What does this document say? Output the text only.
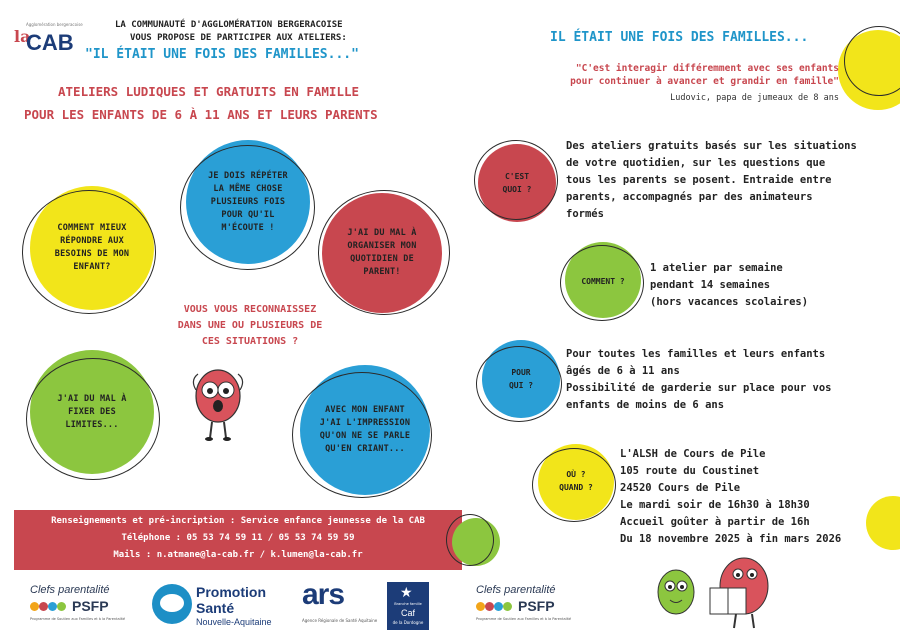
Agglomération bergeracoise
la
CAB
LA COMMUNAUTÉ D'AGGLOMÉRATION BERGERACOISE
VOUS PROPOSE DE PARTICIPER AUX ATELIERS:
"IL ÉTAIT UNE FOIS DES FAMILLES..."
ATELIERS LUDIQUES ET GRATUITS EN FAMILLE
POUR LES ENFANTS DE 6 À 11 ANS ET LEURS PARENTS
COMMENT MIEUX
RÉPONDRE AUX
BESOINS DE MON
ENFANT?
JE DOIS RÉPÉTER
LA MÊME CHOSE
PLUSIEURS FOIS
POUR QU'IL
M'ÉCOUTE !
J'AI DU MAL À
ORGANISER MON
QUOTIDIEN DE
PARENT!
VOUS VOUS RECONNAISSEZ
DANS UNE OU PLUSIEURS DE
CES SITUATIONS ?
J'AI DU MAL À
FIXER DES
LIMITES...
AVEC MON ENFANT
J'AI L'IMPRESSION
QU'ON NE SE PARLE
QU'EN CRIANT...
Renseignements et pré-incription : Service enfance jeunesse de la CAB
Téléphone : 05 53 74 59 11 / 05 53 74 59 59
Mails : n.atmane@la-cab.fr / k.lumen@la-cab.fr
Clefs parentalité
PSFP
Programme de Soutien aux Familles et à la Parentalité
Promotion
Santé
Nouvelle-Aquitaine
ars
Agence Régionale de Santé Aquitaine
★
Branche famille
Caf
de la Dordogne
IL ÉTAIT UNE FOIS DES FAMILLES...
"C'est interagir différemment avec ses enfants
pour continuer à avancer et grandir en famille"
Ludovic, papa de jumeaux de 8 ans
C'EST
QUOI ?
Des ateliers gratuits basés sur les situations
de votre quotidien, sur les questions que
tous les parents se posent. Entraide entre
parents, accompagnés par des animateurs
formés
COMMENT ?
1 atelier par semaine
pendant 14 semaines
(hors vacances scolaires)
POUR
QUI ?
Pour toutes les familles et leurs enfants
âgés de 6 à 11 ans
Possibilité de garderie sur place pour vos
enfants de moins de 6 ans
OÙ ?
QUAND ?
L'ALSH de Cours de Pile
105 route du Coustinet
24520 Cours de Pile
Le mardi soir de 16h30 à 18h30
Accueil goûter à partir de 16h
Du 18 novembre 2025 à fin mars 2026
Clefs parentalité
PSFP
Programme de Soutien aux Familles et à la Parentalité
